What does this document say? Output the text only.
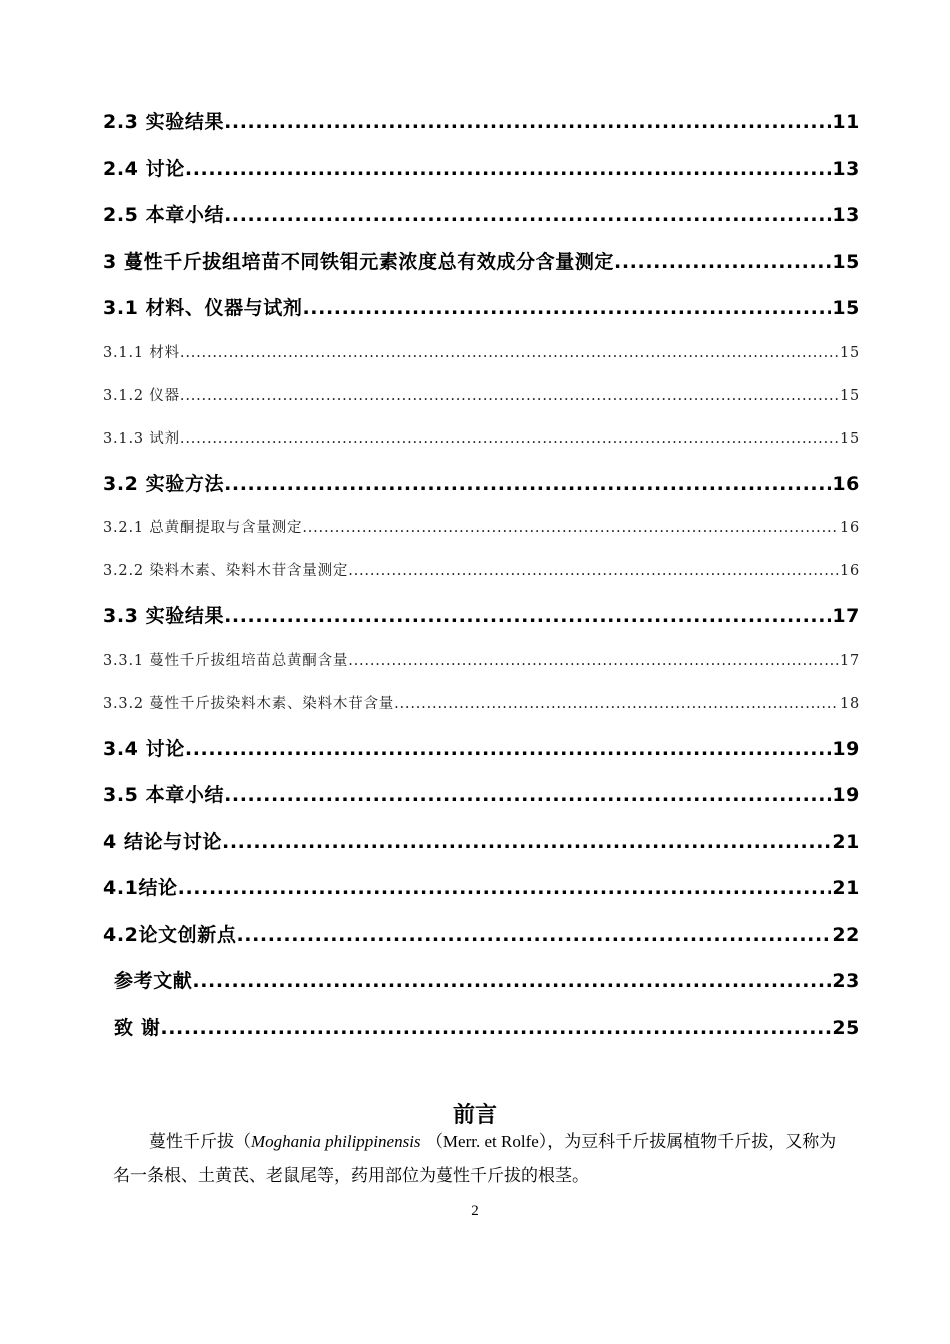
2.3 实验结果 .....	11
2.4 讨论 .....	13
2.5 本章小结 .....	13
3 蔓性千斤拔组培苗不同铁钼元素浓度总有效成分含量测定 .....	15
3.1 材料、仪器与试剂 .....	15
3.1.1 材料 .....	15
3.1.2 仪器 .....	15
3.1.3 试剂 .....	15
3.2 实验方法 .....	16
3.2.1 总黄酮提取与含量测定 .....	16
3.2.2 染料木素、染料木苷含量测定 .....	16
3.3 实验结果 .....	17
3.3.1 蔓性千斤拔组培苗总黄酮含量 .....	17
3.3.2 蔓性千斤拔染料木素、染料木苷含量 .....	18
3.4 讨论 .....	19
3.5 本章小结 .....	19
4 结论与讨论 .....	21
4.1结论 .....	21
4.2论文创新点 .....	22
参考文献 .....	23
致 谢 .....	25
前言

蔓性千斤拔（Moghania philippinensis （Merr. et Rolfe），为豆科千斤拔属植物千斤拔，又称为名一条根、土黄芪、老鼠尾等，药用部位为蔓性千斤拔的根茎。

2
